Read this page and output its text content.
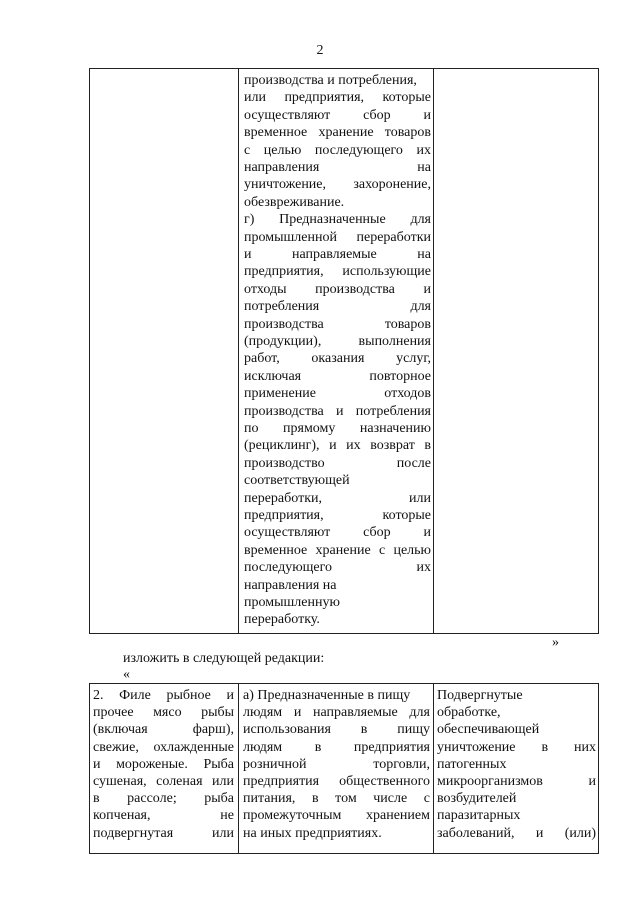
2
производства и потребления,
или предприятия, которые
осуществляют сбор и
временное хранение товаров
с целью последующего их
направления на
уничтожение, захоронение,
обезвреживание.
г) Предназначенные для
промышленной переработки
и направляемые на
предприятия, использующие
отходы производства и
потребления для
производства товаров
(продукции), выполнения
работ, оказания услуг,
исключая повторное
применение отходов
производства и потребления
по прямому назначению
(рециклинг), и их возврат в
производство после
соответствующей
переработки, или
предприятия, которые
осуществляют сбор и
временное хранение с целью
последующего их
направления на
промышленную
переработку.
»
изложить в следующей редакции:
«
2. Филе рыбное и
прочее мясо рыбы
(включая фарш),
свежие, охлажденные
и мороженые. Рыба
сушеная, соленая или
в рассоле; рыба
копченая, не
подвергнутая или
а) Предназначенные в пищу
людям и направляемые для
использования в пищу
людям в предприятия
розничной торговли,
предприятия общественного
питания, в том числе с
промежуточным хранением
на иных предприятиях.
Подвергнутые
обработке,
обеспечивающей
уничтожение в них
патогенных
микроорганизмов и
возбудителей
паразитарных
заболеваний, и (или)
